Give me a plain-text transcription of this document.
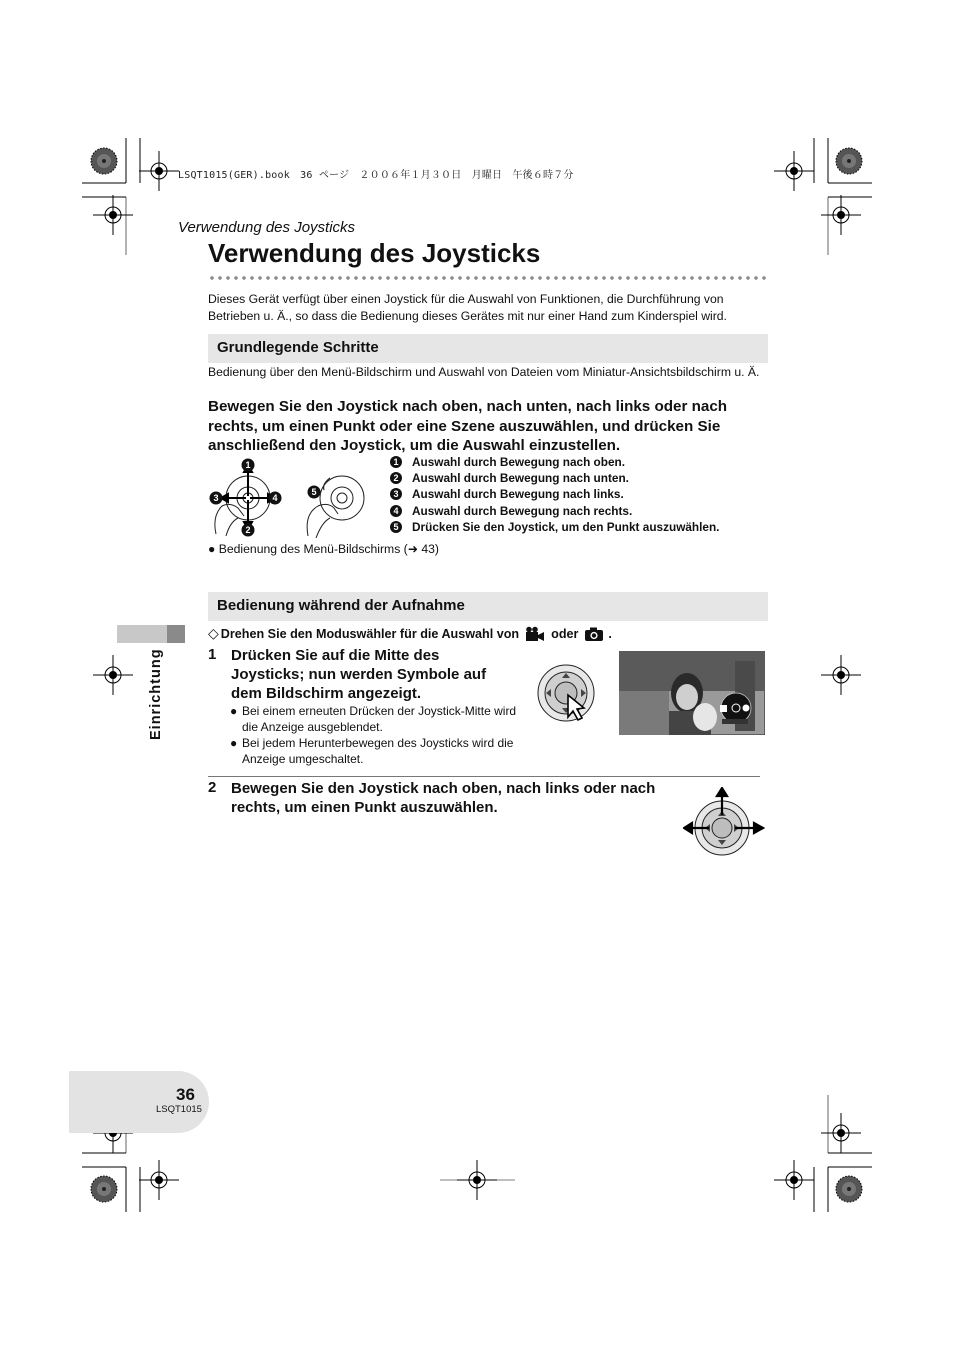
LSQT1015(GER).book　36 ページ　２００６年１月３０日　月曜日　午後６時７分
Verwendung des Joysticks
Verwendung des Joysticks
Dieses Gerät verfügt über einen Joystick für die Auswahl von Funktionen, die Durchführung von Betrieben u. Ä., so dass die Bedienung dieses Gerätes mit nur einer Hand zum Kinderspiel wird.
Grundlegende Schritte
Bedienung über den Menü-Bildschirm und Auswahl von Dateien vom Miniatur-Ansichtsbildschirm u. Ä.
Bewegen Sie den Joystick nach oben, nach unten, nach links oder nach rechts, um einen Punkt oder eine Szene auszuwählen, und drücken Sie anschließend den Joystick, um die Auswahl einzustellen.
1
2
3	4
5
1 Auswahl durch Bewegung nach oben.
2 Auswahl durch Bewegung nach unten.
3 Auswahl durch Bewegung nach links.
4 Auswahl durch Bewegung nach rechts.
5 Drücken Sie den Joystick, um den Punkt auszuwählen.
● Bedienung des Menü-Bildschirms (➜ 43)
Bedienung während der Aufnahme
◇ Drehen Sie den Moduswähler für die Auswahl von	oder .
1 Drücken Sie auf die Mitte des Joysticks; nun werden Symbole auf dem Bildschirm angezeigt.
● Bei einem erneuten Drücken der Joystick-Mitte wird die Anzeige ausgeblendet.
● Bei jedem Herunterbewegen des Joysticks wird die Anzeige umgeschaltet.
2 Bewegen Sie den Joystick nach oben, nach links oder nach rechts, um einen Punkt auszuwählen.
Einrichtung
36
LSQT1015
